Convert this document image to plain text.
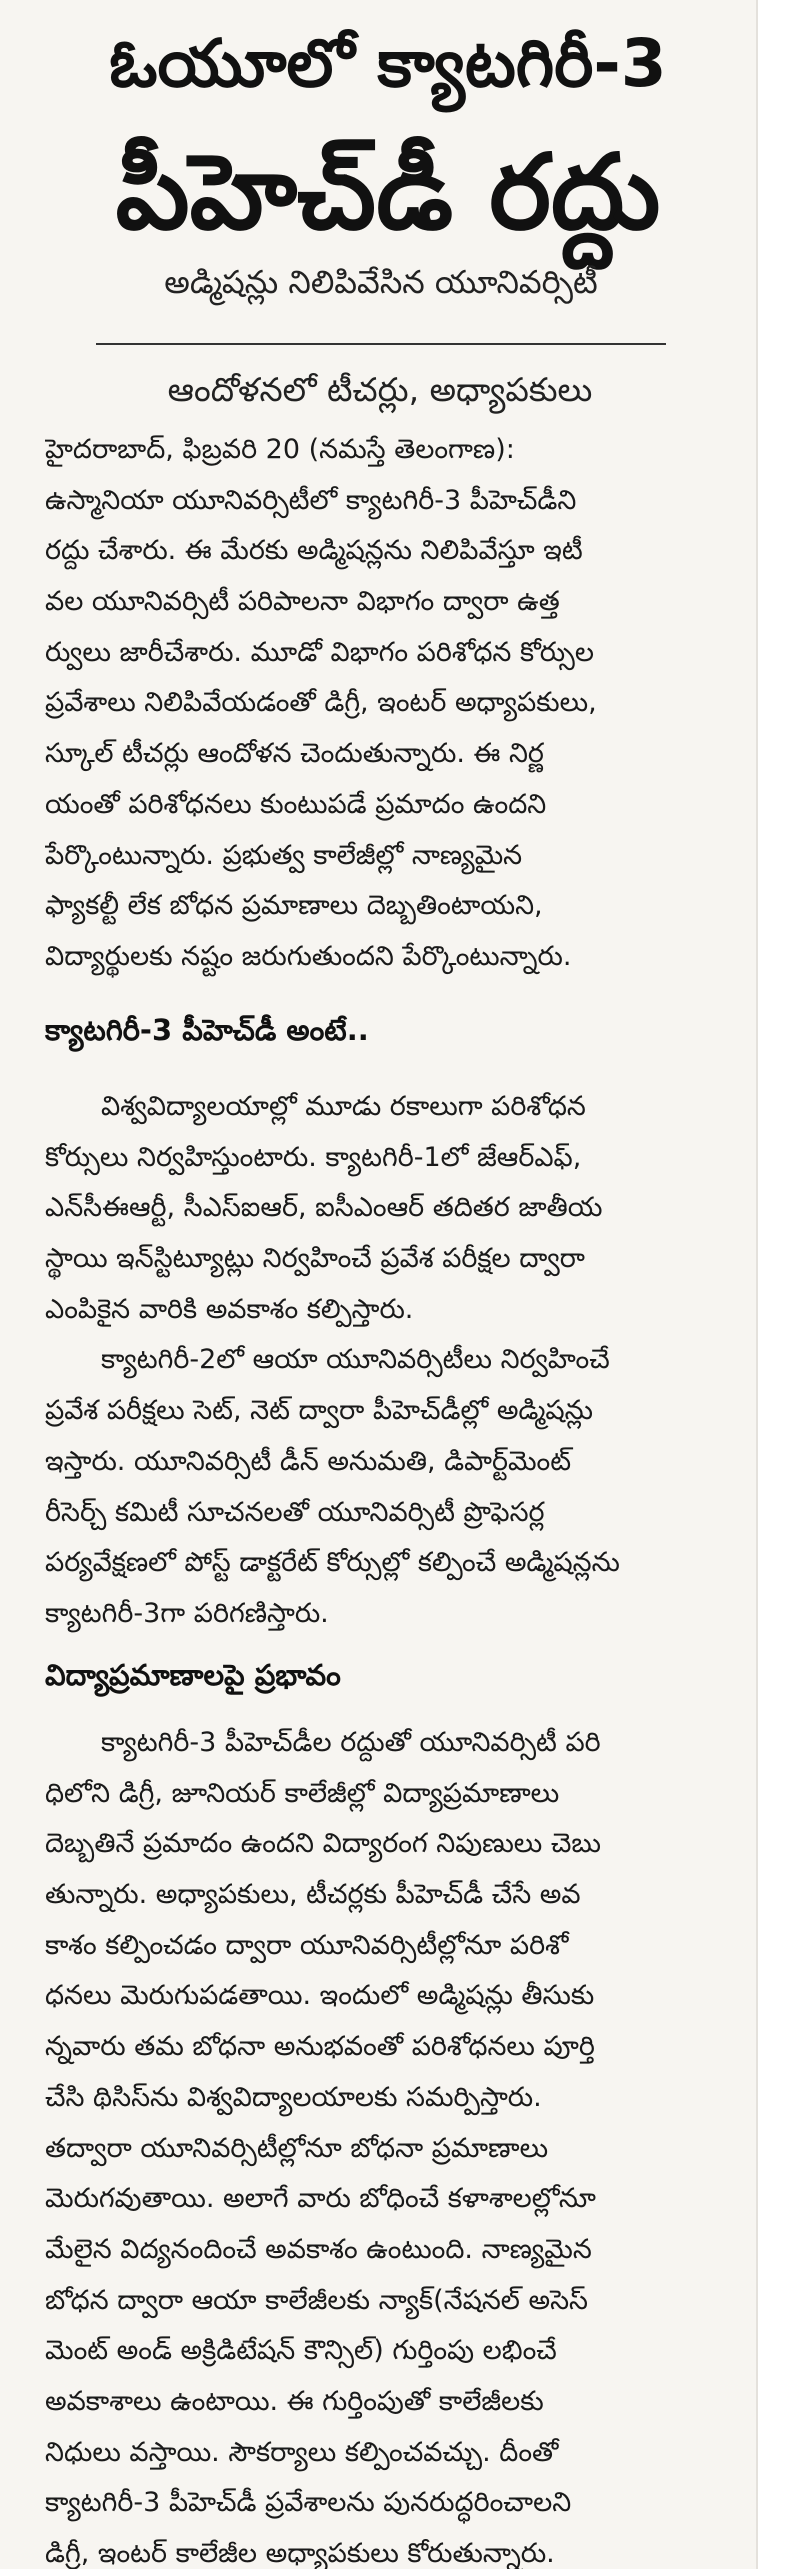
ఓయూలో క్యాటగిరీ-3
పీహెచ్‌డీ రద్దు
అడ్మిషన్లు నిలిపివేసిన యూనివర్సిటీ
ఆందోళనలో టీచర్లు, అధ్యాపకులు
హైదరాబాద్, ఫిబ్రవరి 20 (నమస్తే తెలంగాణ):
ఉస్మానియా యూనివర్సిటీలో క్యాటగిరీ-3 పీహెచ్‌డీని
రద్దు చేశారు. ఈ మేరకు అడ్మిషన్లను నిలిపివేస్తూ ఇటీ
వల యూనివర్సిటీ పరిపాలనా విభాగం ద్వారా ఉత్త
ర్వులు జారీచేశారు. మూడో విభాగం పరిశోధన కోర్సుల
ప్రవేశాలు నిలిపివేయడంతో డిగ్రీ, ఇంటర్ అధ్యాపకులు,
స్కూల్ టీచర్లు ఆందోళన చెందుతున్నారు. ఈ నిర్ణ
యంతో పరిశోధనలు కుంటుపడే ప్రమాదం ఉందని
పేర్కొంటున్నారు. ప్రభుత్వ కాలేజీల్లో నాణ్యమైన
ఫ్యాకల్టీ లేక బోధన ప్రమాణాలు దెబ్బతింటాయని,
విద్యార్థులకు నష్టం జరుగుతుందని పేర్కొంటున్నారు.
క్యాటగిరీ-3 పీహెచ్‌డీ అంటే..
విశ్వవిద్యాలయాల్లో మూడు రకాలుగా పరిశోధన
కోర్సులు నిర్వహిస్తుంటారు. క్యాటగిరీ-1లో జేఆర్ఎఫ్,
ఎన్‌సీఈఆర్టీ, సీఎస్ఐఆర్, ఐసీఎంఆర్ తదితర జాతీయ
స్థాయి ఇన్‌స్టిట్యూట్లు నిర్వహించే ప్రవేశ పరీక్షల ద్వారా
ఎంపికైన వారికి అవకాశం కల్పిస్తారు.
క్యాటగిరీ-2లో ఆయా యూనివర్సిటీలు నిర్వహించే
ప్రవేశ పరీక్షలు సెట్, నెట్ ద్వారా పీహెచ్‌డీల్లో అడ్మిషన్లు
ఇస్తారు. యూనివర్సిటీ డీన్ అనుమతి, డిపార్ట్‌మెంట్
రీసెర్చ్ కమిటీ సూచనలతో యూనివర్సిటీ ప్రొఫెసర్ల
పర్యవేక్షణలో పోస్ట్ డాక్టరేట్ కోర్సుల్లో కల్పించే అడ్మిషన్లను
క్యాటగిరీ-3గా పరిగణిస్తారు.
విద్యాప్రమాణాలపై ప్రభావం
క్యాటగిరీ-3 పీహెచ్‌డీల రద్దుతో యూనివర్సిటీ పరి
ధిలోని డిగ్రీ, జూనియర్ కాలేజీల్లో విద్యాప్రమాణాలు
దెబ్బతినే ప్రమాదం ఉందని విద్యారంగ నిపుణులు చెబు
తున్నారు. అధ్యాపకులు, టీచర్లకు పీహెచ్‌డీ చేసే అవ
కాశం కల్పించడం ద్వారా యూనివర్సిటీల్లోనూ పరిశో
ధనలు మెరుగుపడతాయి. ఇందులో అడ్మిషన్లు తీసుకు
న్నవారు తమ బోధనా అనుభవంతో పరిశోధనలు పూర్తి
చేసి థిసిస్‌ను విశ్వవిద్యాలయాలకు సమర్పిస్తారు.
తద్వారా యూనివర్సిటీల్లోనూ బోధనా ప్రమాణాలు
మెరుగవుతాయి. అలాగే వారు బోధించే కళాశాలల్లోనూ
మేలైన విద్యనందించే అవకాశం ఉంటుంది. నాణ్యమైన
బోధన ద్వారా ఆయా కాలేజీలకు న్యాక్(నేషనల్ అసెస్
మెంట్ అండ్ అక్రిడిటేషన్ కౌన్సిల్) గుర్తింపు లభించే
అవకాశాలు ఉంటాయి. ఈ గుర్తింపుతో కాలేజీలకు
నిధులు వస్తాయి. సౌకర్యాలు కల్పించవచ్చు. దీంతో
క్యాటగిరీ-3 పీహెచ్‌డీ ప్రవేశాలను పునరుద్ధరించాలని
డిగ్రీ, ఇంటర్ కాలేజీల అధ్యాపకులు కోరుతున్నారు.
